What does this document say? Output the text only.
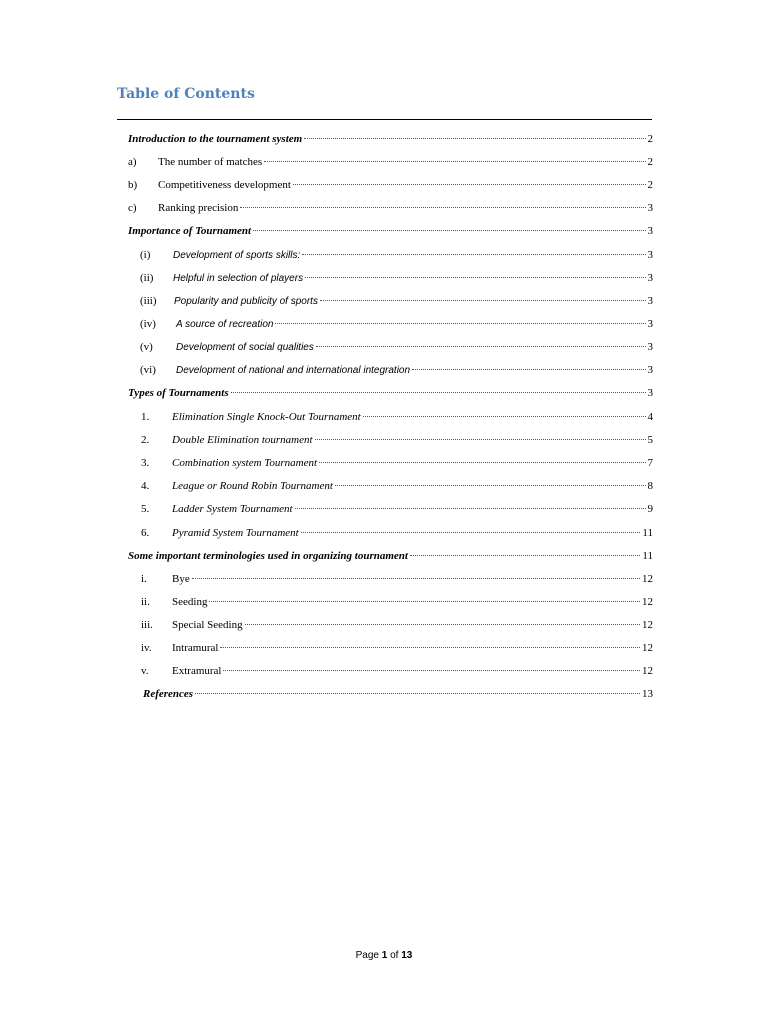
Table of Contents
Introduction to the tournament system	2
a)	The number of matches	2
b)	Competitiveness development	2
c)	Ranking precision	3
Importance of Tournament	3
(i)	Development of sports skills:	3
(ii)	Helpful in selection of players	3
(iii)	Popularity and publicity of sports	3
(iv)	A source of recreation	3
(v)	Development of social qualities	3
(vi)	Development of national and international integration	3
Types of Tournaments	3
1.	Elimination Single Knock-Out Tournament	4
2.	Double Elimination tournament	5
3.	Combination system Tournament	7
4.	League or Round Robin Tournament	8
5.	Ladder System Tournament	9
6.	Pyramid System Tournament	11
Some important terminologies used in organizing tournament	11
i.	Bye	12
ii.	Seeding	12
iii.	Special Seeding	12
iv.	Intramural	12
v.	Extramural	12
References	13
Page 1 of 13
